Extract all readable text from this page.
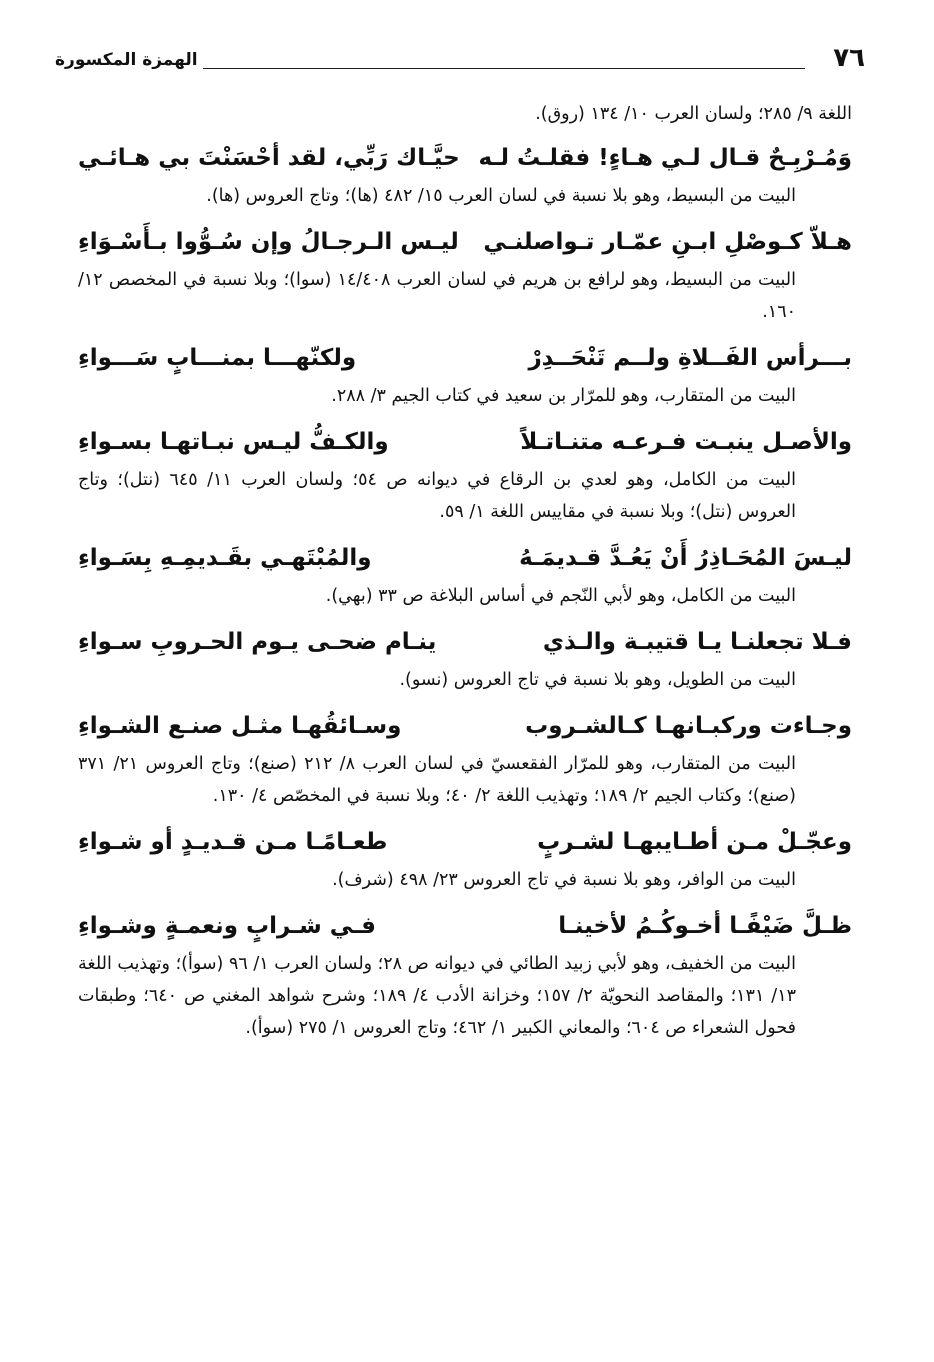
٧٦
الهمزة المكسورة

اللغة ٩/ ٢٨٥؛ ولسان العرب ١٠/ ١٣٤ (روق).

وَمُـرْبِـحٌ قـال لـي هـاءٍ! فقلـتُ لـه
حيَّـاك رَبِّي، لقد أحْسَنْتَ بي هـائـي

البيت من البسيط، وهو بلا نسبة في لسان العرب ١٥/ ٤٨٢ (ها)؛ وتاج العروس (ها).

هـلاّ كـوصْلِ ابـنِ عمّـار تـواصلنـي
ليـس الـرجـالُ وإن سُـوُّوا بـأَسْـوَاءِ

البيت من البسيط، وهو لرافع بن هريم في لسان العرب ١٤/٤٠٨ (سوا)؛ وبلا نسبة في المخصص ١٢/ ١٦٠.

بـــرأس الفَــلاةِ ولــم تَنْحَــدِرْ
ولكنّهـــا بمنـــابٍ سَـــواءِ

البيت من المتقارب، وهو للمرّار بن سعيد في كتاب الجيم ٣/ ٢٨٨.

والأصـل ينبـت فـرعـه متنـاتـلاً
والكـفُّ ليـس نبـاتهـا بسـواءِ

البيت من الكامل، وهو لعدي بن الرقاع في ديوانه ص ٥٤؛ ولسان العرب ١١/ ٦٤٥ (نتل)؛ وتاج العروس (نتل)؛ وبلا نسبة في مقاييس اللغة ١/ ٥٩.

ليـسَ المُحَـاذِرُ أَنْ يَعُـدَّ قـديمَـهُ
والمُبْتَهـي بقَـديمِـهِ بِسَـواءِ

البيت من الكامل، وهو لأبي النّجم في أساس البلاغة ص ٣٣ (بهي).

فـلا تجعلنـا يـا قتيبـة والـذي
ينـام ضحـى يـوم الحـروبِ سـواءِ

البيت من الطويل، وهو بلا نسبة في تاج العروس (نسو).

وجـاءت وركبـانهـا كـالشـروب
وسـائقُهـا مثـل صنـع الشـواءِ

البيت من المتقارب، وهو للمرّار الفقعسيّ في لسان العرب ٨/ ٢١٢ (صنع)؛ وتاج العروس ٢١/ ٣٧١ (صنع)؛ وكتاب الجيم ٢/ ١٨٩؛ وتهذيب اللغة ٢/ ٤٠؛ وبلا نسبة في المخصّص ٤/ ١٣٠.

وعجّـلْ مـن أطـايبهـا لشـربٍ
طعـامًـا مـن قـديـدٍ أو شـواءِ

البيت من الوافر، وهو بلا نسبة في تاج العروس ٢٣/ ٤٩٨ (شرف).

ظـلَّ ضَيْفًـا أخـوكُـمُ لأخينـا
فـي شـرابٍ ونعمـةٍ وشـواءِ

البيت من الخفيف، وهو لأبي زبيد الطائي في ديوانه ص ٢٨؛ ولسان العرب ١/ ٩٦ (سوأ)؛ وتهذيب اللغة ١٣/ ١٣١؛ والمقاصد النحويّة ٢/ ١٥٧؛ وخزانة الأدب ٤/ ١٨٩؛ وشرح شواهد المغني ص ٦٤٠؛ وطبقات فحول الشعراء ص ٦٠٤؛ والمعاني الكبير ١/ ٤٦٢؛ وتاج العروس ١/ ٢٧٥ (سوأ).
